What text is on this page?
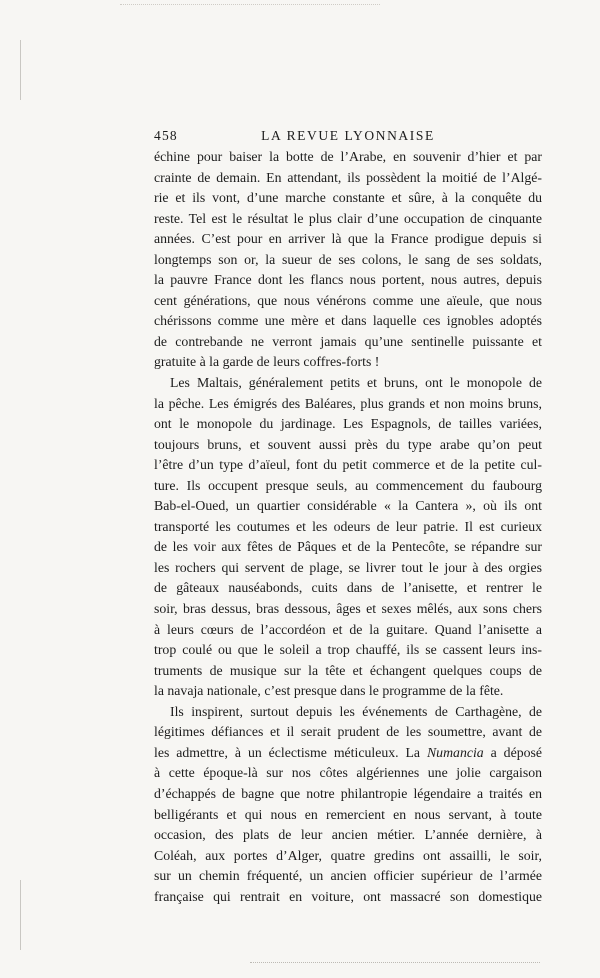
458	LA REVUE LYONNAISE
échine pour baiser la botte de l’Arabe, en souvenir d’hier et par
crainte de demain. En attendant, ils possèdent la moitié de l’Algé-
rie et ils vont, d’une marche constante et sûre, à la conquête du
reste. Tel est le résultat le plus clair d’une occupation de cinquante
années. C’est pour en arriver là que la France prodigue depuis si
longtemps son or, la sueur de ses colons, le sang de ses soldats,
la pauvre France dont les flancs nous portent, nous autres, depuis
cent générations, que nous vénérons comme une aïeule, que nous
chérissons comme une mère et dans laquelle ces ignobles adoptés
de contrebande ne verront jamais qu’une sentinelle puissante et
gratuite à la garde de leurs coffres-forts !
Les Maltais, généralement petits et bruns, ont le monopole de
la pêche. Les émigrés des Baléares, plus grands et non moins bruns,
ont le monopole du jardinage. Les Espagnols, de tailles variées,
toujours bruns, et souvent aussi près du type arabe qu’on peut
l’être d’un type d’aïeul, font du petit commerce et de la petite cul-
ture. Ils occupent presque seuls, au commencement du faubourg
Bab-el-Oued, un quartier considérable « la Cantera », où ils ont
transporté les coutumes et les odeurs de leur patrie. Il est curieux
de les voir aux fêtes de Pâques et de la Pentecôte, se répandre sur
les rochers qui servent de plage, se livrer tout le jour à des orgies
de gâteaux nauséabonds, cuits dans de l’anisette, et rentrer le
soir, bras dessus, bras dessous, âges et sexes mêlés, aux sons chers
à leurs cœurs de l’accordéon et de la guitare. Quand l’anisette a
trop coulé ou que le soleil a trop chauffé, ils se cassent leurs ins-
truments de musique sur la tête et échangent quelques coups de
la navaja nationale, c’est presque dans le programme de la fête.
Ils inspirent, surtout depuis les événements de Carthagène, de
légitimes défiances et il serait prudent de les soumettre, avant de
les admettre, à un éclectisme méticuleux. La Numancia a déposé
à cette époque-là sur nos côtes algériennes une jolie cargaison
d’échappés de bagne que notre philantropie légendaire a traités en
belligérants et qui nous en remercient en nous servant, à toute
occasion, des plats de leur ancien métier. L’année dernière, à
Coléah, aux portes d’Alger, quatre gredins ont assailli, le soir,
sur un chemin fréquenté, un ancien officier supérieur de l’armée
française qui rentrait en voiture, ont massacré son domestique
